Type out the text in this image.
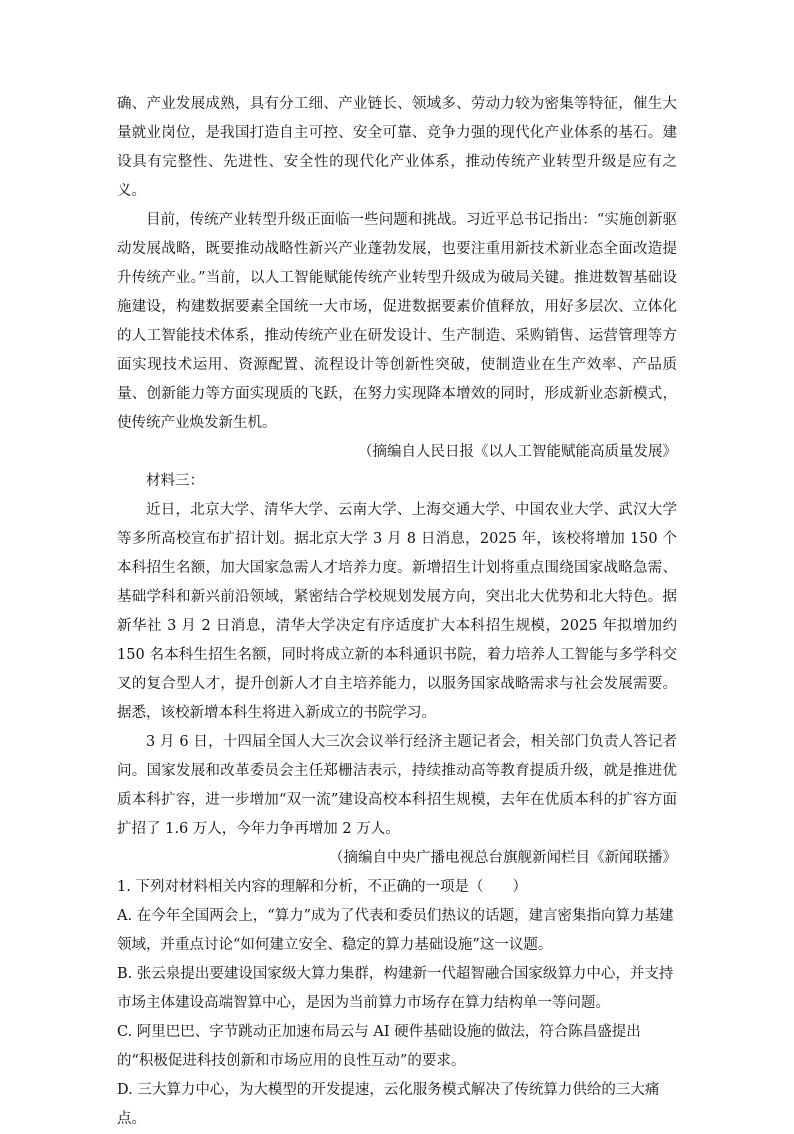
确、产业发展成熟，具有分工细、产业链长、领域多、劳动力较为密集等特征，催生大量就业岗位，是我国打造自主可控、安全可靠、竞争力强的现代化产业体系的基石。建设具有完整性、先进性、安全性的现代化产业体系，推动传统产业转型升级是应有之义。

目前，传统产业转型升级正面临一些问题和挑战。习近平总书记指出：“实施创新驱动发展战略，既要推动战略性新兴产业蓬勃发展，也要注重用新技术新业态全面改造提升传统产业。”当前，以人工智能赋能传统产业转型升级成为破局关键。推进数智基础设施建设，构建数据要素全国统一大市场，促进数据要素价值释放，用好多层次、立体化的人工智能技术体系，推动传统产业在研发设计、生产制造、采购销售、运营管理等方面实现技术运用、资源配置、流程设计等创新性突破，使制造业在生产效率、产品质量、创新能力等方面实现质的飞跃，在努力实现降本增效的同时，形成新业态新模式，使传统产业焕发新生机。

（摘编自人民日报《以人工智能赋能高质量发展》

材料三：

近日，北京大学、清华大学、云南大学、上海交通大学、中国农业大学、武汉大学等多所高校宣布扩招计划。据北京大学 3 月 8 日消息，2025 年，该校将增加 150 个本科招生名额，加大国家急需人才培养力度。新增招生计划将重点围绕国家战略急需、基础学科和新兴前沿领域，紧密结合学校规划发展方向，突出北大优势和北大特色。据新华社 3 月 2 日消息，清华大学决定有序适度扩大本科招生规模，2025 年拟增加约 150 名本科生招生名额，同时将成立新的本科通识书院，着力培养人工智能与多学科交叉的复合型人才，提升创新人才自主培养能力，以服务国家战略需求与社会发展需要。据悉，该校新增本科生将进入新成立的书院学习。

3 月 6 日，十四届全国人大三次会议举行经济主题记者会，相关部门负责人答记者问。国家发展和改革委员会主任郑栅洁表示，持续推动高等教育提质升级，就是推进优质本科扩容，进一步增加“双一流”建设高校本科招生规模，去年在优质本科的扩容方面扩招了 1.6 万人，今年力争再增加 2 万人。

（摘编自中央广播电视总台旗舰新闻栏目《新闻联播》

1. 下列对材料相关内容的理解和分析，不正确的一项是（　　）

A. 在今年全国两会上，“算力”成为了代表和委员们热议的话题，建言密集指向算力基建领域，并重点讨论“如何建立安全、稳定的算力基础设施”这一议题。

B. 张云泉提出要建设国家级大算力集群，构建新一代超智融合国家级算力中心，并支持市场主体建设高端智算中心，是因为当前算力市场存在算力结构单一等问题。

C. 阿里巴巴、字节跳动正加速布局云与 AI 硬件基础设施的做法，符合陈昌盛提出的“积极促进科技创新和市场应用的良性互动”的要求。

D. 三大算力中心，为大模型的开发提速，云化服务模式解决了传统算力供给的三大痛点。
